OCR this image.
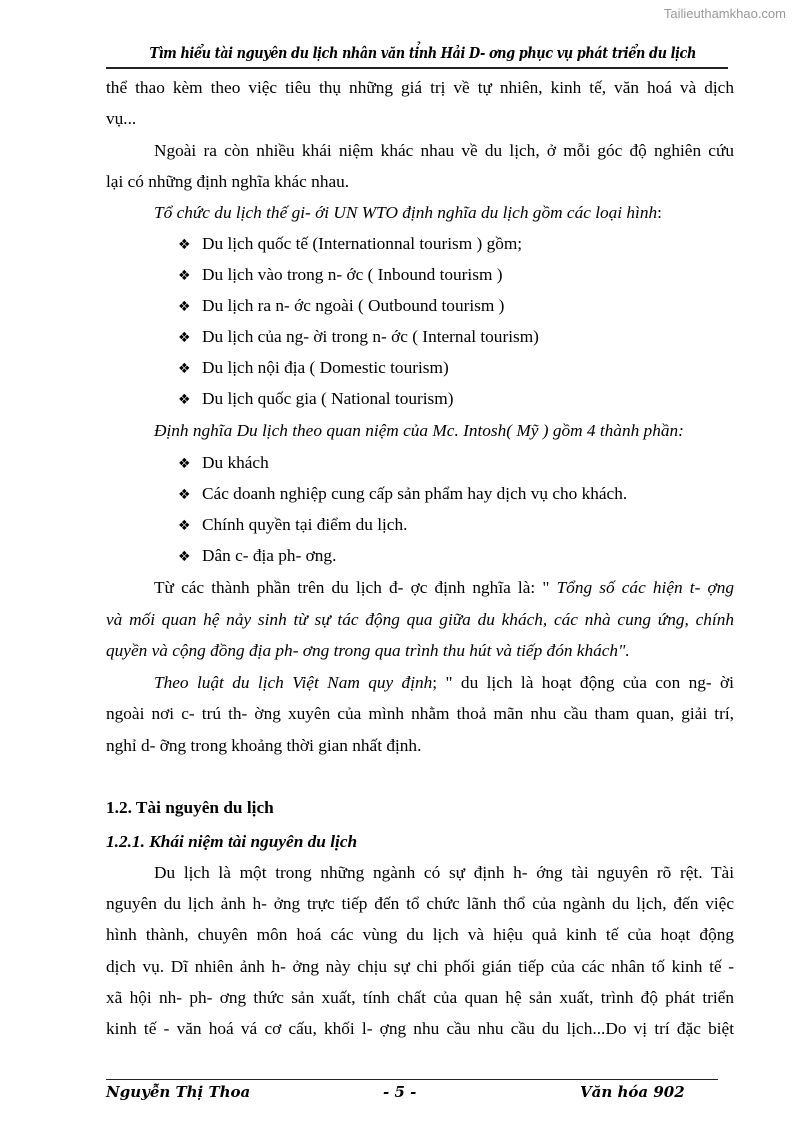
Tailieuthamkhao.com
Tìm hiểu tài nguyên du lịch nhân văn tỉnh Hải D- ơng phục vụ phát triển du lịch
thể thao kèm theo việc tiêu thụ những giá trị về tự nhiên, kinh tế, văn hoá và dịch
vụ...
Ngoài ra còn nhiều khái niệm khác nhau về du lịch, ở mỗi góc độ nghiên cứu
lại có những định nghĩa khác nhau.
Tổ chức du lịch thế gi- ới UN WTO định nghĩa du lịch gồm các loại hình:
❖ Du lịch quốc tế (Internationnal tourism ) gồm;
❖ Du lịch vào trong n- ớc ( Inbound tourism )
❖ Du lịch ra n- ớc ngoài ( Outbound tourism )
❖ Du lịch của ng- ời trong n- ớc ( Internal tourism)
❖ Du lịch nội địa ( Domestic tourism)
❖ Du lịch quốc gia ( National tourism)
Định nghĩa Du lịch theo quan niệm của Mc. Intosh( Mỹ ) gồm 4 thành phần:
❖ Du khách
❖ Các doanh nghiệp cung cấp sản phẩm hay dịch vụ cho khách.
❖ Chính quyền tại điểm du lịch.
❖ Dân c- địa ph- ơng.
Từ các thành phần trên du lịch đ- ợc định nghĩa là: " Tổng số các hiện t- ợng
và mối quan hệ nảy sinh từ sự tác động qua giữa du khách, các nhà cung ứng, chính
quyền và cộng đồng địa ph- ơng trong qua trình thu hút và tiếp đón khách".
Theo luật du lịch Việt Nam quy định; " du lịch là hoạt động của con ng- ời
ngoài nơi c- trú th- ờng xuyên của mình nhằm thoả mãn nhu cầu tham quan, giải trí,
nghỉ d- ỡng trong khoảng thời gian nhất định.
1.2. Tài nguyên du lịch
1.2.1. Khái niệm tài nguyên du lịch
Du lịch là một trong những ngành có sự định h- ớng tài nguyên rõ rệt. Tài
nguyên du lịch ảnh h- ởng trực tiếp đến tổ chức lãnh thổ của ngành du lịch, đến việc
hình thành, chuyên môn hoá các vùng du lịch và hiệu quả kinh tế của hoạt động
dịch vụ. Dĩ nhiên ảnh h- ởng này chịu sự chi phối gián tiếp của các nhân tố kinh tế -
xã hội nh- ph- ơng thức sản xuất, tính chất của quan hệ sản xuất, trình độ phát triển
kinh tế - văn hoá vá cơ cấu, khối l- ợng nhu cầu nhu cầu du lịch...Do vị trí đặc biệt
Nguyễn Thị Thoa	- 5 -	Văn hóa 902
